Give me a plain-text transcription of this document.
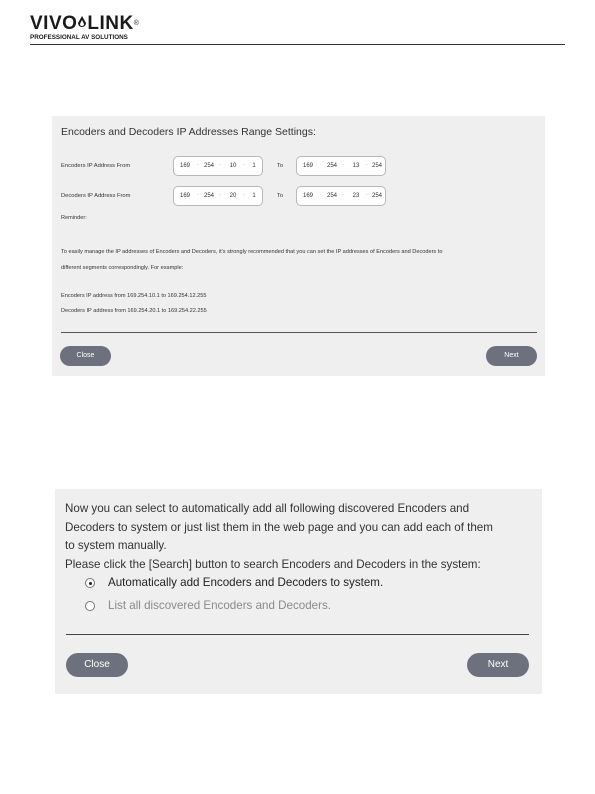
VIVO LINK®
PROFESSIONAL AV SOLUTIONS
Encoders and Decoders IP Addresses Range Settings:
Encoders IP Address From	169	· 254 ·	10	·	1	To	169	· 254 ·	13	· 254
Decoders IP Address From	169	· 254 ·	20	·	1	To	169	· 254 ·	23	· 254
Reminder:
To easily manage the IP addresses of Encoders and Decoders, it's strongly recommended that you can set the IP addresses of Encoders and Decoders to
different segments correspondingly. For example:
Encoders IP address from 169.254.10.1 to 169.254.12.255
Decoders IP address from 169.254.20.1 to 169.254.22.255
Close	Next
Now you can select to automatically add all following discovered Encoders and
Decoders to system or just list them in the web page and you can add each of them
to system manually.
Please click the [Search] button to search Encoders and Decoders in the system:
Automatically add Encoders and Decoders to system.
List all discovered Encoders and Decoders.
Close	Next
